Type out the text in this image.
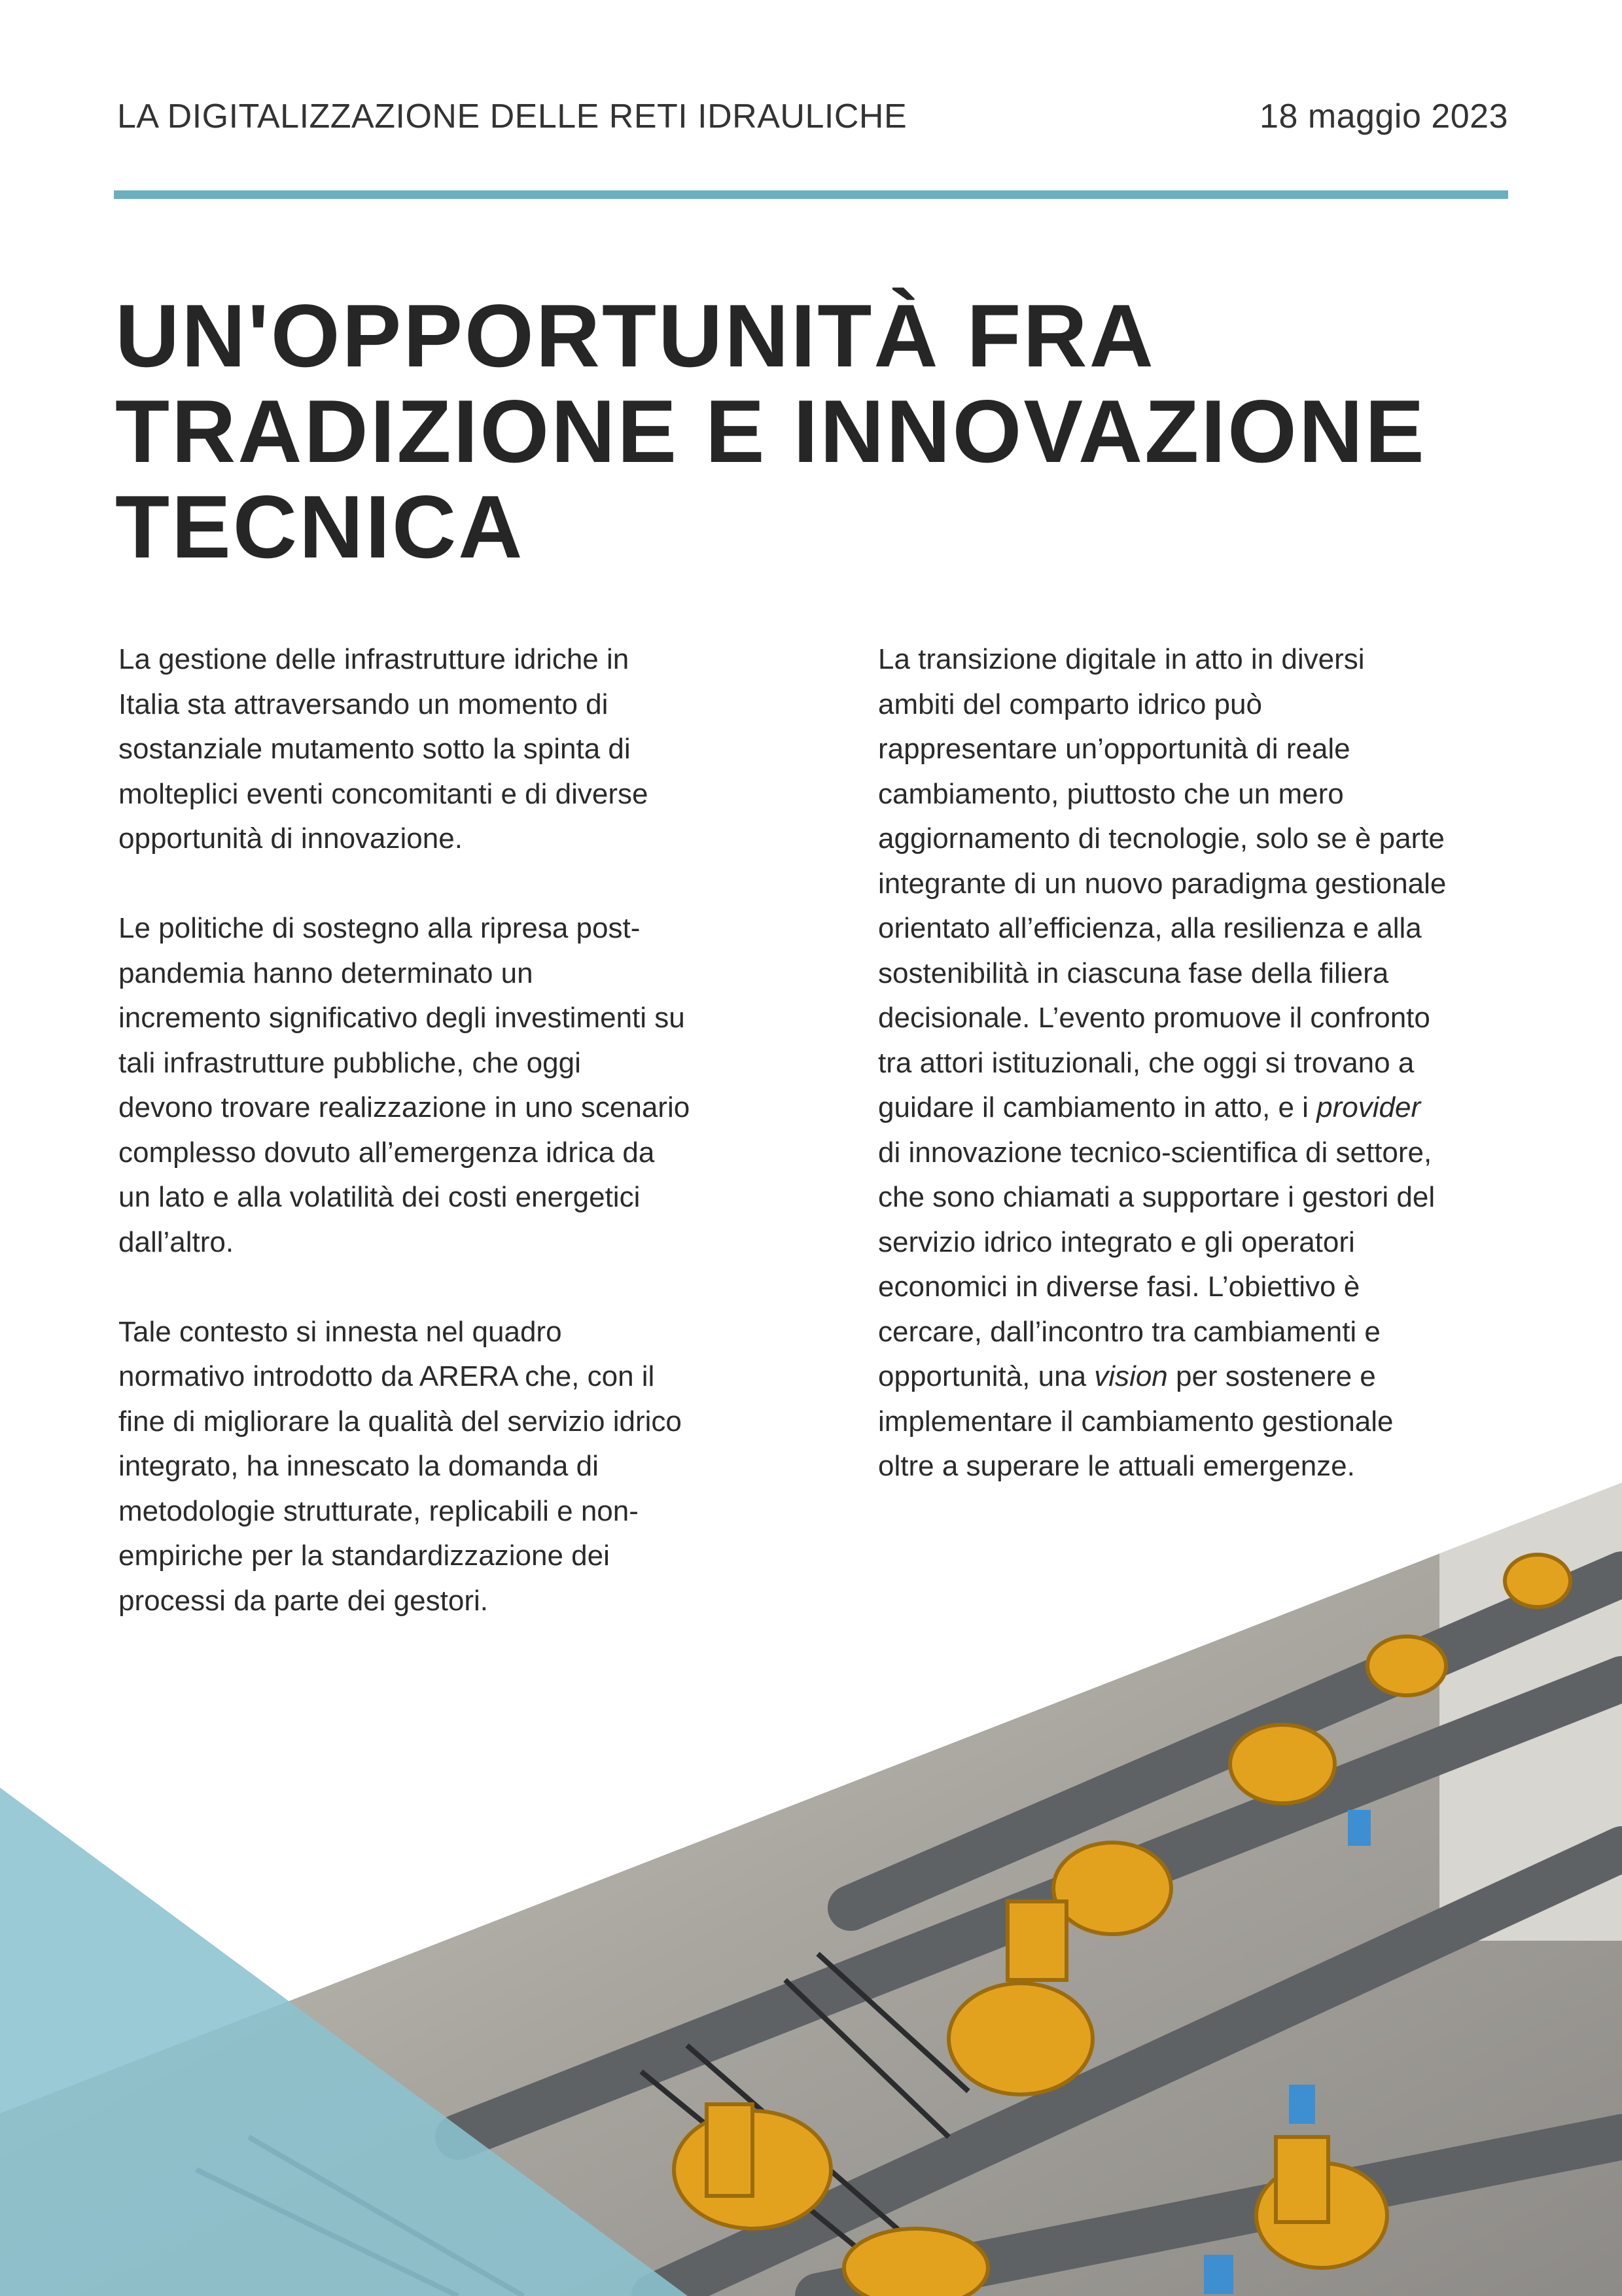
LA DIGITALIZZAZIONE DELLE RETI IDRAULICHE	18 maggio 2023
UN'OPPORTUNITÀ FRA
TRADIZIONE E INNOVAZIONE
TECNICA
La gestione delle infrastrutture idriche in
Italia sta attraversando un momento di
sostanziale mutamento sotto la spinta di
molteplici eventi concomitanti e di diverse
opportunità di innovazione.
Le politiche di sostegno alla ripresa post-
pandemia hanno determinato un
incremento significativo degli investimenti su
tali infrastrutture pubbliche, che oggi
devono trovare realizzazione in uno scenario
complesso dovuto all’emergenza idrica da
un lato e alla volatilità dei costi energetici
dall’altro.
Tale contesto si innesta nel quadro
normativo introdotto da ARERA che, con il
fine di migliorare la qualità del servizio idrico
integrato, ha innescato la domanda di
metodologie strutturate, replicabili e non-
empiriche per la standardizzazione dei
processi da parte dei gestori.
La transizione digitale in atto in diversi
ambiti del comparto idrico può
rappresentare un’opportunità di reale
cambiamento, piuttosto che un mero
aggiornamento di tecnologie, solo se è parte
integrante di un nuovo paradigma gestionale
orientato all’efficienza, alla resilienza e alla
sostenibilità in ciascuna fase della filiera
decisionale. L’evento promuove il confronto
tra attori istituzionali, che oggi si trovano a
guidare il cambiamento in atto, e i provider
di innovazione tecnico-scientifica di settore,
che sono chiamati a supportare i gestori del
servizio idrico integrato e gli operatori
economici in diverse fasi. L’obiettivo è
cercare, dall’incontro tra cambiamenti e
opportunità, una vision per sostenere e
implementare il cambiamento gestionale
oltre a superare le attuali emergenze.
